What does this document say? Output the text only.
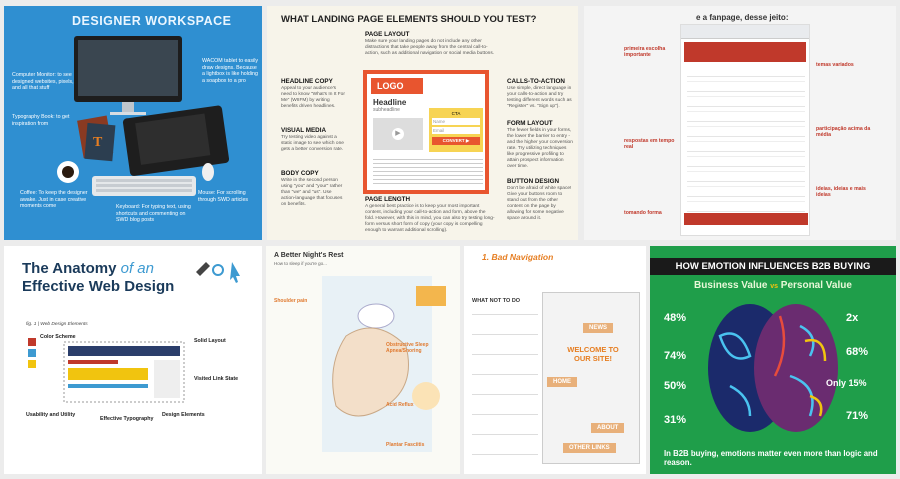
DESIGNER WORKSPACE
T
Computer Monitor: to see designed websites, pixels, and all that stuff
WACOM tablet to easily draw designs. Because a lightbox is like holding a soapbox to a pro
Typography Book: to get inspiration from
Coffee: To keep the designer awake. Just in case creative moments come	Keyboard: For typing text, using shortcuts and commenting on SWD blog posts
Mouse: For scrolling through SWD articles
WHAT LANDING PAGE ELEMENTS SHOULD YOU TEST?
PAGE LAYOUT
Make sure your landing pages do not include any other distractions that take people away from the central call-to-action, such as additional navigation or social media buttons.
HEADLINE COPY
Appeal to your audience's need to know "What's In It For Me" (WIIFM) by writing benefits driven headlines.
VISUAL MEDIA
Try testing video against a static image to see which one gets a better conversion rate.
BODY COPY
Write in the second person using "you" and "your" rather than "we" and "us". Use action-language that focuses on benefits.
PAGE LENGTH
A general best practice is to keep your most important content, including your call-to-action and form, above the fold. However, with this in mind, you can also try testing long-form versus short form of copy (your copy is compelling enough to warrant additional scrolling).
CALLS-TO-ACTION
Use simple, direct language in your calls-to-action and try testing different words such as "Register" vs. "Sign up").
FORM LAYOUT
The fewer fields in your forms, the lower the barrier to entry - and the higher your conversion rate. Try utilizing techniques like progressive profiling to attain prospect information over time.
BUTTON DESIGN
Don't be afraid of white space! Give your buttons room to stand out from the other content on the page by allowing for some negative space around it.
LOGO
Headline
subheadline
▶
CTA
Name
Email
CONVERT ▶
e a fanpage, desse jeito:
primeira escolha importante
respostas em tempo real
tomando forma
temas variados
participação acima da média
ideias, ideias e mais ideias
The Anatomy of an
Effective Web Design
fig. 1 | Web Design Elements
Color Scheme
Solid Layout
Visited Link State
Usability and Utility
Effective Typography
Design Elements
A Better Night's Rest
How to sleep if you're go...
Shoulder pain
Obstructive Sleep Apnea/Snoring
Acid Reflux
Plantar Fasciitis
1. Bad Navigation
WHAT NOT TO DO
NEWS
HOME
WELCOME TO OUR SITE!
ABOUT
OTHER LINKS
HOW EMOTION INFLUENCES B2B BUYING
Business Value vs Personal Value
48%
74%
50%
31%
2x
68%
Only 15%
71%
In B2B buying, emotions matter even more than logic and reason.
